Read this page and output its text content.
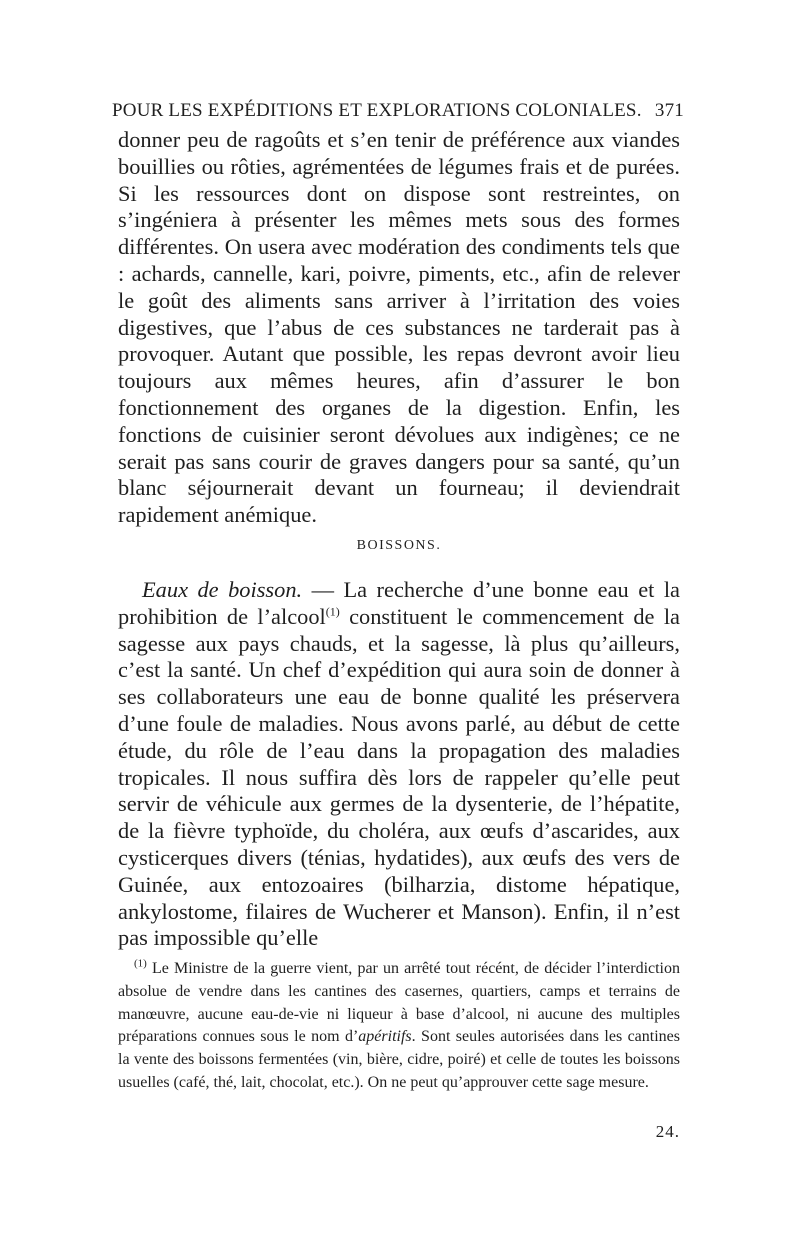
POUR LES EXPÉDITIONS ET EXPLORATIONS COLONIALES. 371

donner peu de ragoûts et s’en tenir de préférence aux viandes bouillies ou rôties, agrémentées de légumes frais et de purées. Si les ressources dont on dispose sont restreintes, on s’ingéniera à présenter les mêmes mets sous des formes différentes. On usera avec modération des condiments tels que : achards, cannelle, kari, poivre, piments, etc., afin de relever le goût des aliments sans arriver à l’irritation des voies digestives, que l’abus de ces substances ne tarderait pas à provoquer. Autant que possible, les repas devront avoir lieu toujours aux mêmes heures, afin d’assurer le bon fonctionnement des organes de la digestion. Enfin, les fonctions de cuisinier seront dévolues aux indigènes; ce ne serait pas sans courir de graves dangers pour sa santé, qu’un blanc séjournerait devant un fourneau; il deviendrait rapidement anémique.

BOISSONS.

Eaux de boisson. — La recherche d’une bonne eau et la prohibition de l’alcool$^{(1)}$ constituent le commencement de la sagesse aux pays chauds, et la sagesse, là plus qu’ailleurs, c’est la santé. Un chef d’expédition qui aura soin de donner à ses collaborateurs une eau de bonne qualité les préservera d’une foule de maladies. Nous avons parlé, au début de cette étude, du rôle de l’eau dans la propagation des maladies tropicales. Il nous suffira dès lors de rappeler qu’elle peut servir de véhicule aux germes de la dysenterie, de l’hépatite, de la fièvre typhoïde, du choléra, aux œufs d’ascarides, aux cysticerques divers (ténias, hydatides), aux œufs des vers de Guinée, aux entozoaires (bilharzia, distome hépatique, ankylostome, filaires de Wucherer et Manson). Enfin, il n’est pas impossible qu’elle

$^{(1)}$ Le Ministre de la guerre vient, par un arrêté tout récént, de décider l’interdiction absolue de vendre dans les cantines des casernes, quartiers, camps et terrains de manœuvre, aucune eau-de-vie ni liqueur à base d’alcool, ni aucune des multiples préparations connues sous le nom d’apéritifs. Sont seules autorisées dans les cantines la vente des boissons fermentées (vin, bière, cidre, poiré) et celle de toutes les boissons usuelles (café, thé, lait, chocolat, etc.). On ne peut qu’approuver cette sage mesure.

24.
